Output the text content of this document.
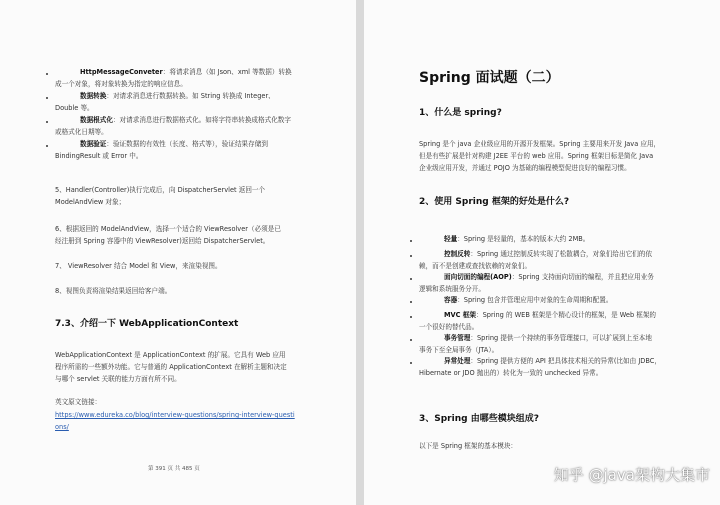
HttpMessageConveter：将请求消息（如 Json、xml 等数据）转换

成一个对象，将对象转换为指定的响应信息。

数据转换：对请求消息进行数据转换。如 String 转换成 Integer、

Double 等。

数据根式化：对请求消息进行数据格式化。如将字符串转换成格式化数字

或格式化日期等。

数据验证：验证数据的有效性（长度、格式等），验证结果存储到

BindingResult 或 Error 中。

5、Handler(Controller)执行完成后，向 DispatcherServlet 返回一个

ModelAndView 对象；

6、根据返回的 ModelAndView，选择一个适合的 ViewResolver（必须是已

经注册到 Spring 容器中的 ViewResolver)返回给 DispatcherServlet。

7、 ViewResolver 结合 Model 和 View，来渲染视图。

8、视图负责将渲染结果返回给客户端。

7.3、介绍一下 WebApplicationContext

WebApplicationContext 是 ApplicationContext 的扩展。它具有 Web 应用

程序所需的一些额外功能。它与普通的 ApplicationContext 在解析主题和决定

与哪个 servlet 关联的能力方面有所不同。

英文原文链接：

https://www.edureka.co/blog/interview-questions/spring-interview-questi

ons/

第 391 页 共 485 页

Spring 面试题（二）

1、什么是 spring?

Spring 是个 java 企业级应用的开源开发框架。Spring 主要用来开发 Java 应用，

但是有些扩展是针对构建 J2EE 平台的 web 应用。Spring 框架目标是简化 Java

企业级应用开发，并通过 POJO 为基础的编程模型促进良好的编程习惯。

2、使用 Spring 框架的好处是什么?

轻量：Spring 是轻量的，基本的版本大约 2MB。

控制反转：Spring 通过控制反转实现了松散耦合，对象们给出它们的依

赖，而不是创建或查找依赖的对象们。

面向切面的编程(AOP)：Spring 支持面向切面的编程，并且把应用业务

逻辑和系统服务分开。

容器：Spring 包含并管理应用中对象的生命周期和配置。

MVC 框架：Spring 的 WEB 框架是个精心设计的框架，是 Web 框架的

一个很好的替代品。

事务管理：Spring 提供一个持续的事务管理接口，可以扩展到上至本地

事务下至全局事务（JTA）。

异常处理：Spring 提供方便的 API 把具体技术相关的异常(比如由 JDBC，

Hibernate or JDO 抛出的）转化为一致的 unchecked 异常。

3、Spring 由哪些模块组成?

以下是 Spring 框架的基本模块：

知乎 @java架构大集市
